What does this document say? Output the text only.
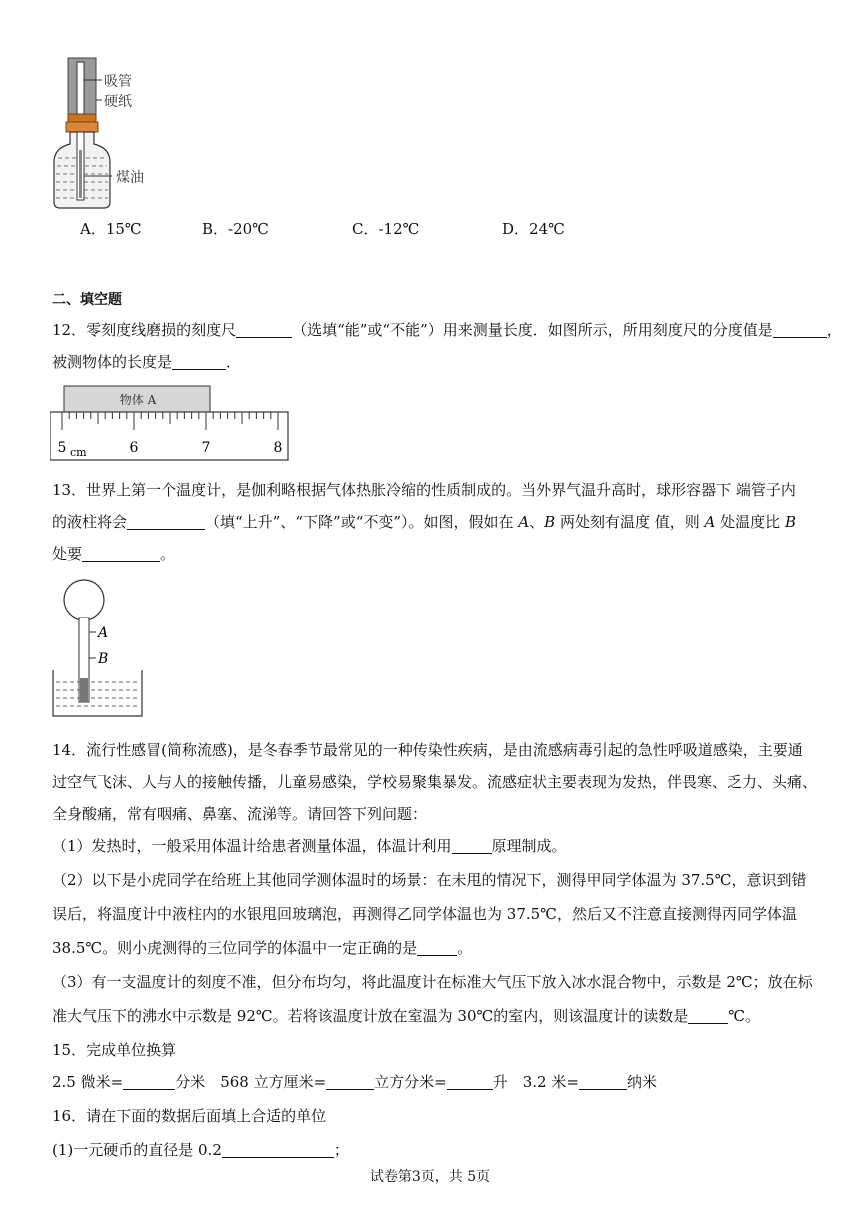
吸管
硬纸
煤油
A．15℃	B．-20℃	C．-12℃	D．24℃
二、填空题
12．零刻度线磨损的刻度尺	（选填“能”或“不能”）用来测量长度．如图所示，所用刻度尺的分度值是	，
被测物体的长度是	．
物体 A
5	6	7	8
cm
13．世界上第一个温度计，是伽利略根据气体热胀冷缩的性质制成的。当外界气温升高时，球形容器下 端管子内
的液柱将会	（填“上升”、“下降”或“不变”）。如图，假如在 A、B 两处刻有温度 值，则 A 处温度比 B
处要	。
A
B
14．流行性感冒(简称流感)，是冬春季节最常见的一种传染性疾病，是由流感病毒引起的急性呼吸道感染，主要通
过空气飞沫、人与人的接触传播，儿童易感染，学校易聚集暴发。流感症状主要表现为发热，伴畏寒、乏力、头痛、
全身酸痛，常有咽痛、鼻塞、流涕等。请回答下列问题：
（1）发热时，一般采用体温计给患者测量体温，体温计利用	原理制成。
（2）以下是小虎同学在给班上其他同学测体温时的场景：在未甩的情况下，测得甲同学体温为 37.5℃，意识到错
误后，将温度计中液柱内的水银甩回玻璃泡，再测得乙同学体温也为 37.5℃，然后又不注意直接测得丙同学体温
38.5℃。则小虎测得的三位同学的体温中一定正确的是	。
（3）有一支温度计的刻度不准，但分布均匀，将此温度计在标准大气压下放入冰水混合物中，示数是 2℃；放在标
准大气压下的沸水中示数是 92℃。若将该温度计放在室温为 30℃的室内，则该温度计的读数是	℃。
15．完成单位换算
2.5 微米=	分米　568 立方厘米=	立方分米=	升　3.2 米=	纳米
16．请在下面的数据后面填上合适的单位
(1)一元硬币的直径是 0.2	；
试卷第3页，共 5页
